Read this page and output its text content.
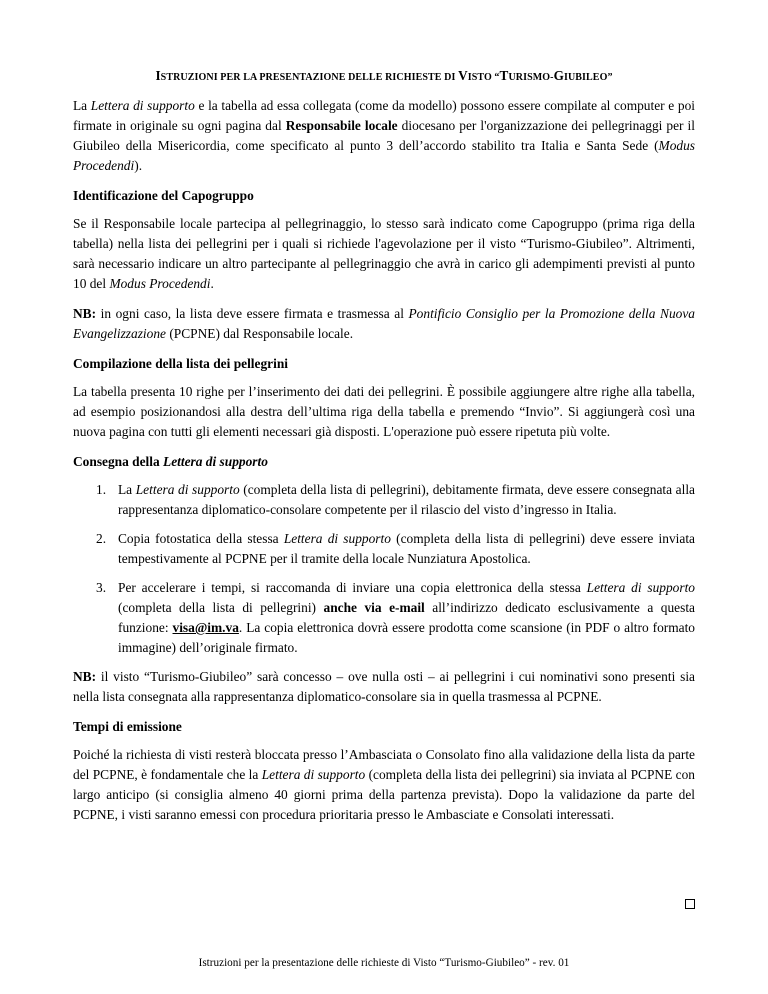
ISTRUZIONI PER LA PRESENTAZIONE DELLE RICHIESTE DI VISTO “TURISMO-GIUBILEO”

La Lettera di supporto e la tabella ad essa collegata (come da modello) possono essere compilate al computer e poi firmate in originale su ogni pagina dal Responsabile locale diocesano per l'organizzazione dei pellegrinaggi per il Giubileo della Misericordia, come specificato al punto 3 dell’accordo stabilito tra Italia e Santa Sede (Modus Procedendi).

Identificazione del Capogruppo

Se il Responsabile locale partecipa al pellegrinaggio, lo stesso sarà indicato come Capogruppo (prima riga della tabella) nella lista dei pellegrini per i quali si richiede l'agevolazione per il visto “Turismo-Giubileo”. Altrimenti, sarà necessario indicare un altro partecipante al pellegrinaggio che avrà in carico gli adempimenti previsti al punto 10 del Modus Procedendi.

NB: in ogni caso, la lista deve essere firmata e trasmessa al Pontificio Consiglio per la Promozione della Nuova Evangelizzazione (PCPNE) dal Responsabile locale.

Compilazione della lista dei pellegrini

La tabella presenta 10 righe per l’inserimento dei dati dei pellegrini. È possibile aggiungere altre righe alla tabella, ad esempio posizionandosi alla destra dell’ultima riga della tabella e premendo “Invio”. Si aggiungerà così una nuova pagina con tutti gli elementi necessari già disposti. L'operazione può essere ripetuta più volte.

Consegna della Lettera di supporto
1. La Lettera di supporto (completa della lista di pellegrini), debitamente firmata, deve essere consegnata alla rappresentanza diplomatico-consolare competente per il rilascio del visto d’ingresso in Italia.
2. Copia fotostatica della stessa Lettera di supporto (completa della lista di pellegrini) deve essere inviata tempestivamente al PCPNE per il tramite della locale Nunziatura Apostolica.
3. Per accelerare i tempi, si raccomanda di inviare una copia elettronica della stessa Lettera di supporto (completa della lista di pellegrini) anche via e-mail all’indirizzo dedicato esclusivamente a questa funzione: visa@im.va. La copia elettronica dovrà essere prodotta come scansione (in PDF o altro formato immagine) dell’originale firmato.

NB: il visto “Turismo-Giubileo” sarà concesso – ove nulla osti – ai pellegrini i cui nominativi sono presenti sia nella lista consegnata alla rappresentanza diplomatico-consolare sia in quella trasmessa al PCPNE.

Tempi di emissione

Poiché la richiesta di visti resterà bloccata presso l’Ambasciata o Consolato fino alla validazione della lista da parte del PCPNE, è fondamentale che la Lettera di supporto (completa della lista dei pellegrini) sia inviata al PCPNE con largo anticipo (si consiglia almeno 40 giorni prima della partenza prevista). Dopo la validazione da parte del PCPNE, i visti saranno emessi con procedura prioritaria presso le Ambasciate e Consolati interessati.

Istruzioni per la presentazione delle richieste di Visto “Turismo-Giubileo” - rev. 01
